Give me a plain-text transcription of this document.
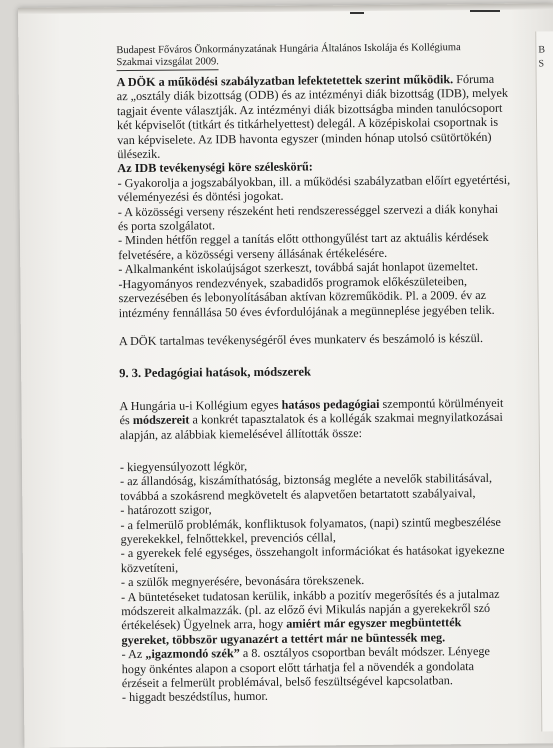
B
S
Budapest Főváros Önkormányzatának Hungária Általános Iskolája és Kollégiuma
Szakmai vizsgálat 2009.

A DÖK a működési szabályzatban lefektetettek szerint működik. Fóruma

az „osztály diák bizottság (ODB) és az intézményi diák bizottság (IDB), melyek

tagjait évente választják. Az intézményi diák bizottságba minden tanulócsoport

két képviselőt (titkárt és titkárhelyettest) delegál. A középiskolai csoportnak is

van képviselete. Az IDB havonta egyszer (minden hónap utolsó csütörtökén)

ülésezik.

Az IDB tevékenységi köre széleskörű:

- Gyakorolja a jogszabályokban, ill. a működési szabályzatban előírt egyetértési,

véleményezési és döntési jogokat.

- A közösségi verseny részeként heti rendszerességgel szervezi a diák konyhai

és porta szolgálatot.

- Minden hétfőn reggel a tanítás előtt otthongyűlést tart az aktuális kérdések

felvetésére, a közösségi verseny állásának értékelésére.

- Alkalmanként iskolaújságot szerkeszt, továbbá saját honlapot üzemeltet.

-Hagyományos rendezvények, szabadidős programok előkészületeiben,

szervezésében és lebonyolításában aktívan közreműködik. Pl. a 2009. év az

intézmény fennállása 50 éves évfordulójának a megünneplése jegyében telik.

A DÖK tartalmas tevékenységéről éves munkaterv és beszámoló is készül.

9. 3. Pedagógiai hatások, módszerek

A Hungária u-i Kollégium egyes hatásos pedagógiai szempontú körülményeit

és módszereit a konkrét tapasztalatok és a kollégák szakmai megnyilatkozásai

alapján, az alábbiak kiemelésével állították össze:

- kiegyensúlyozott légkör,

- az állandóság, kiszámíthatóság, biztonság megléte a nevelők stabilitásával,

továbbá a szokásrend megkövetelt és alapvetően betartatott szabályaival,

- határozott szigor,

- a felmerülő problémák, konfliktusok folyamatos, (napi) szintű megbeszélése

gyerekekkel, felnőttekkel, prevenciós céllal,

- a gyerekek felé egységes, összehangolt információkat és hatásokat igyekezne

közvetíteni,

- a szülők megnyerésére, bevonására törekszenek.

- A büntetéseket tudatosan kerülik, inkább a pozitív megerősítés és a jutalmaz

módszereit alkalmazzák. (pl. az előző évi Mikulás napján a gyerekekről szó

értékelések) Ügyelnek arra, hogy amiért már egyszer megbüntették

gyereket, többször ugyanazért a tettért már ne büntessék meg.

- Az „igazmondó szék” a 8. osztályos csoportban bevált módszer. Lényege

hogy önkéntes alapon a csoport előtt tárhatja fel a növendék a gondolata

érzéseit a felmerült problémával, belső feszültségével kapcsolatban.

- higgadt beszédstílus, humor.
